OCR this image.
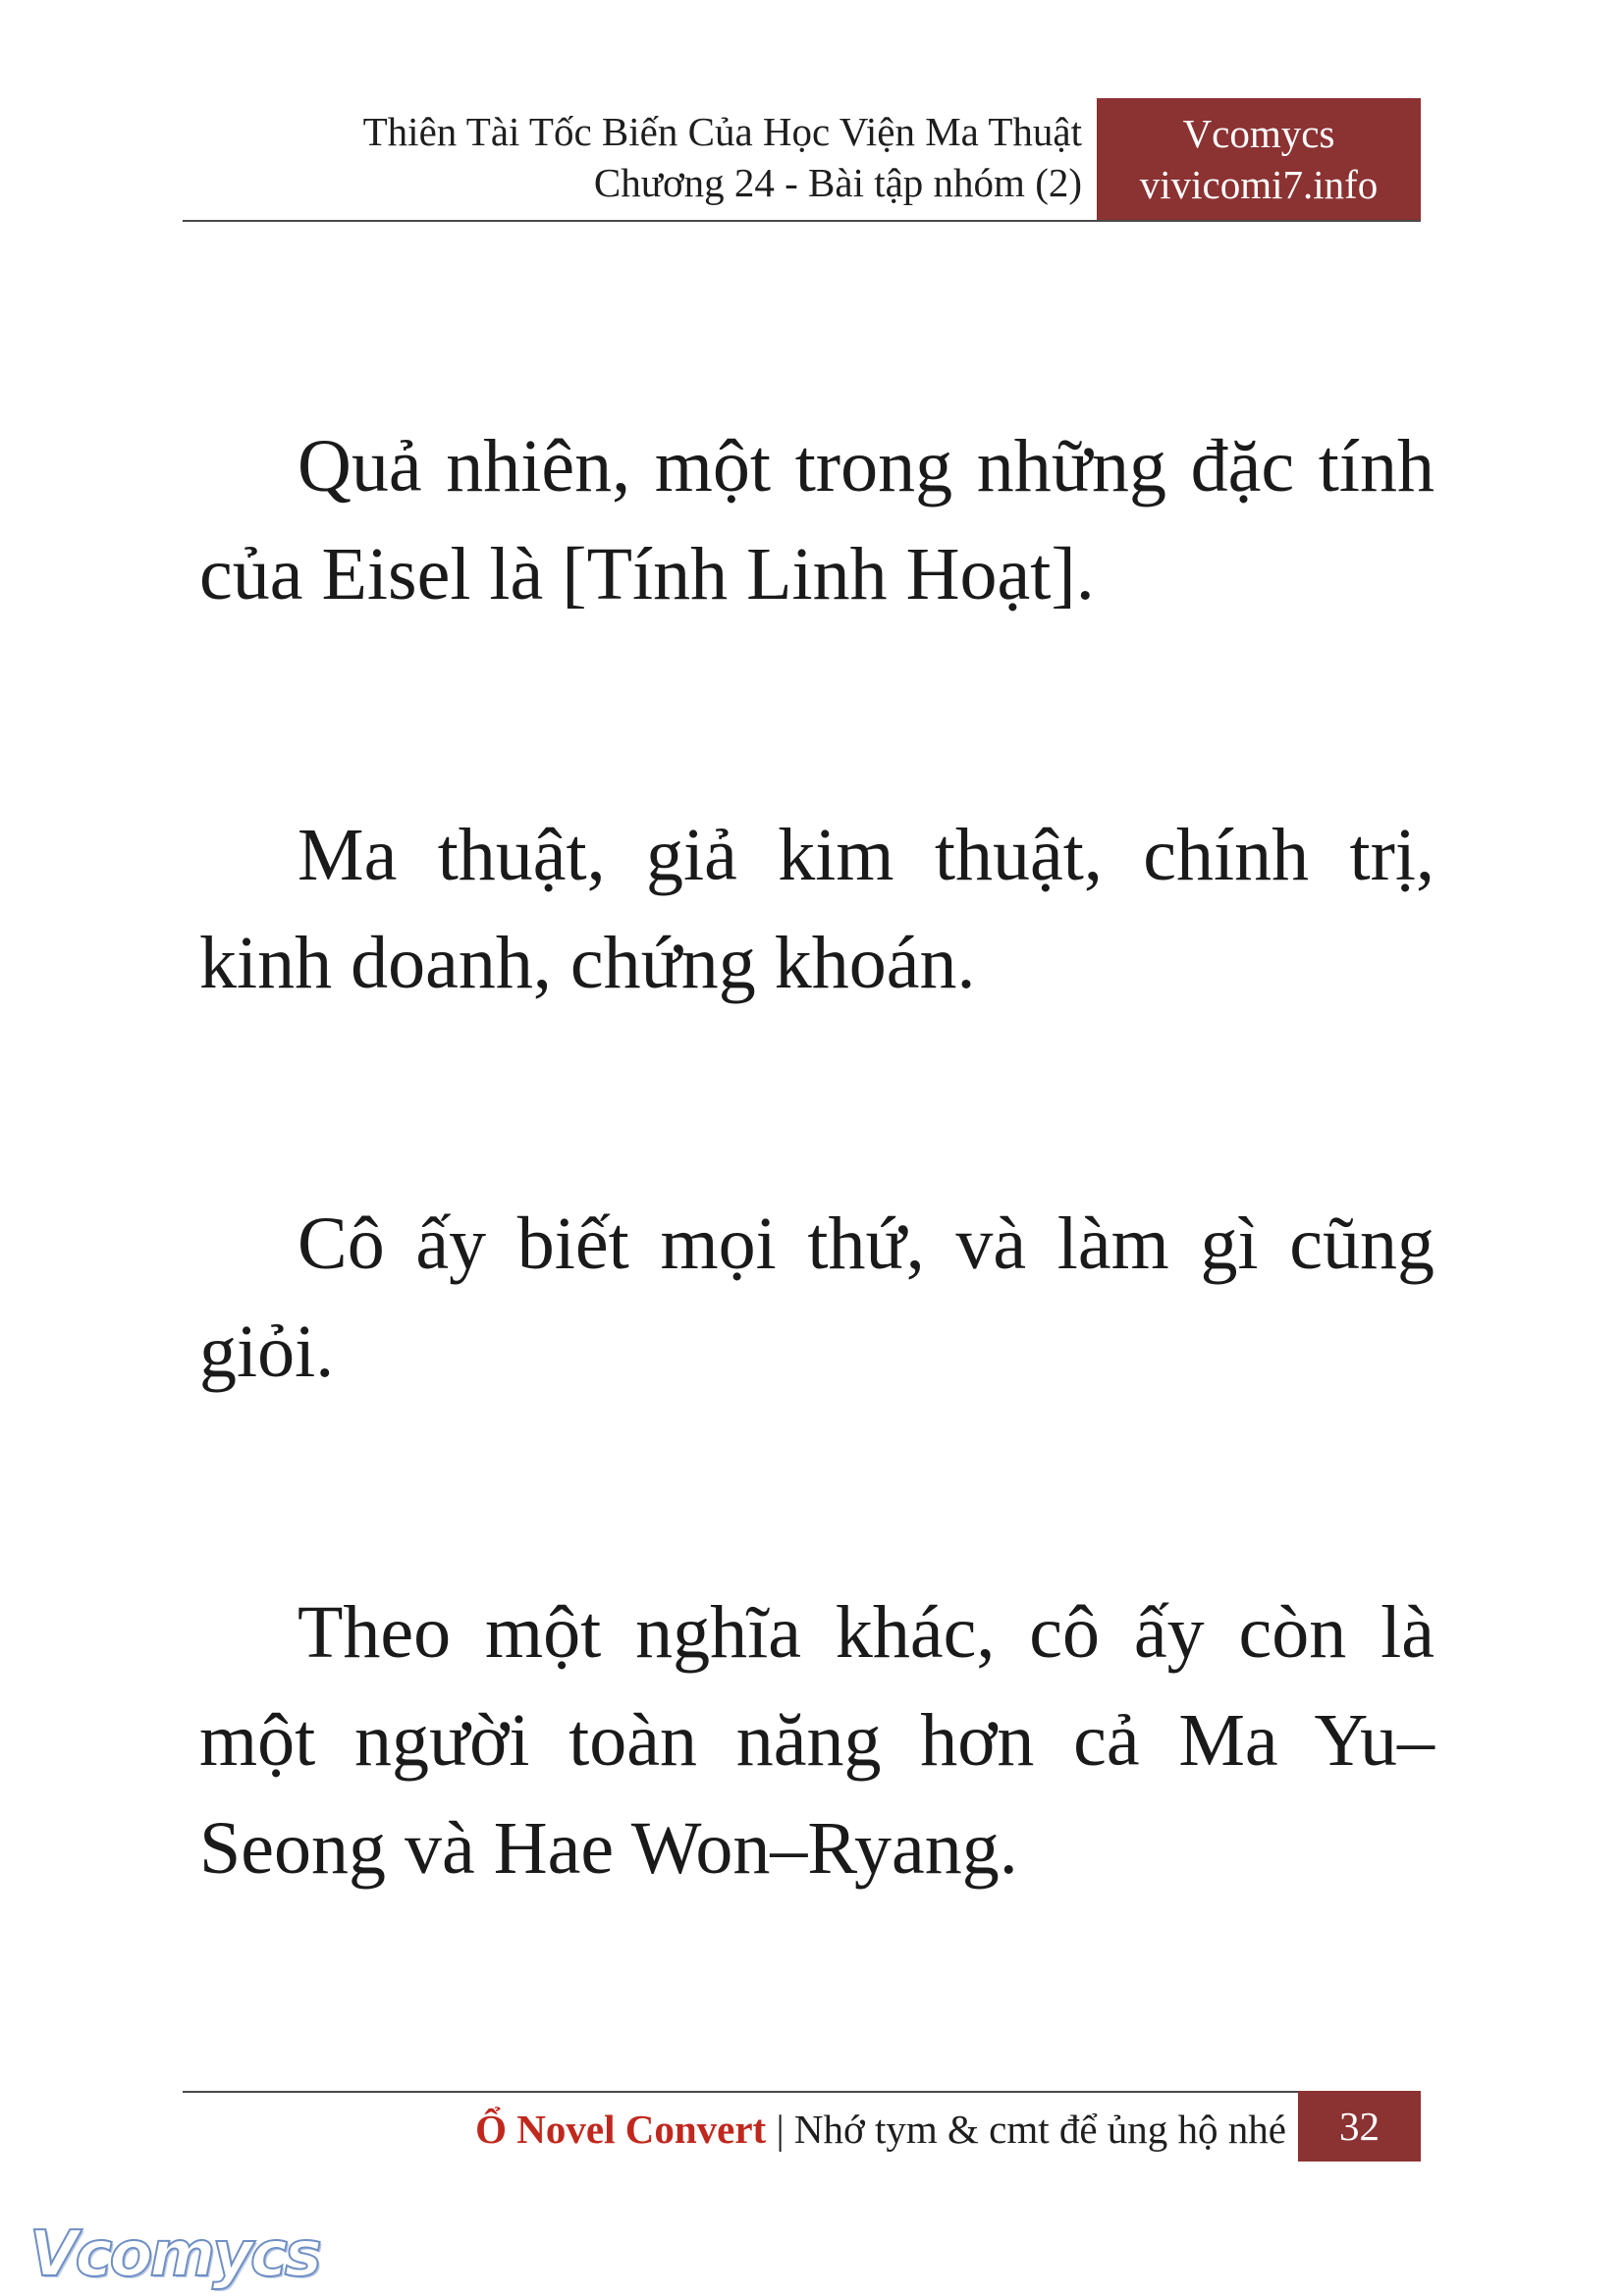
Thiên Tài Tốc Biến Của Học Viện Ma Thuật
Chương 24 - Bài tập nhóm (2)
Vcomycs
vivicomi7.info

Quả nhiên, một trong những đặc tính của Eisel là [Tính Linh Hoạt].

Ma thuật, giả kim thuật, chính trị, kinh doanh, chứng khoán.

Cô ấy biết mọi thứ, và làm gì cũng giỏi.

Theo một nghĩa khác, cô ấy còn là một người toàn năng hơn cả Ma Yu–Seong và Hae Won–Ryang.

Ổ Novel Convert | Nhớ tym & cmt để ủng hộ nhé	32
Vcomycs
